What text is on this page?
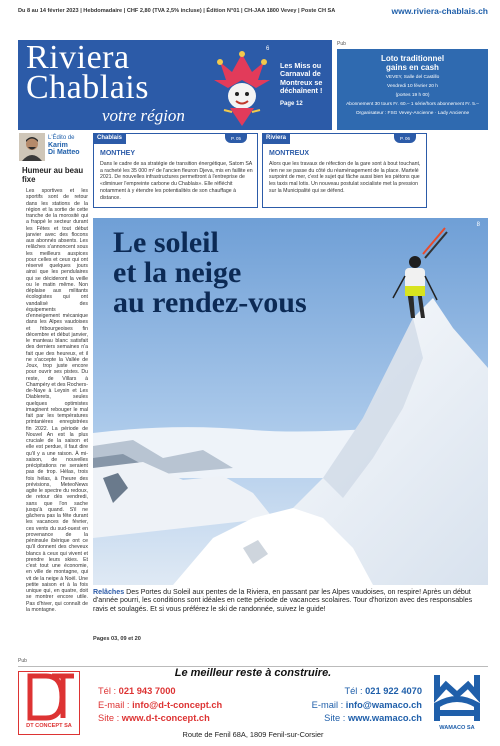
Du 8 au 14 février 2023 | Hebdomadaire | CHF 2,80 (TVA 2,5% incluse) | Édition N°01 | CH-JAA 1800 Vevey | Poste CH SA	www.riviera-chablais.ch
Riviera
Chablais
votre région
6
Les Miss ou Carnaval de Montreux se déchaînent !
Page 12
Pub
Loto traditionnel
gains en cash
VEVEY, Salle del Castillo
Vendredi 10 février 20 h
(portes 19 h 00)
Abonnement 30 tours Fr. 60.– 1 série/hors abonnement Fr. 5.–
Organisateur : FSG Vevey-Ancienne · Lady Ancienne
L'Édito de
Karim
Di Matteo
Humeur au beau fixe
Les sportives et les sportifs sont de retour dans les stations de la région et la sortie de cette tranche de la morosité qui a frappé le secteur durant les Fêtes et tout début janvier avec des flocons aux abonnés absents. Les relâches s'annoncent sous les meilleurs auspices pour celles et ceux qui ont réservé quelques jours ainsi que les pendulaires qui se décideront la veille ou le matin même. Non déplaise aux militants écologistes qui ont vandalisé des équipements d'enneigement mécanique dans les Alpes vaudoises et fribourgeoises fin décembre et début janvier, le manteau blanc satisfait des derniers semaines n'a fait que des heureux, et il ne s'accepte la Vallée de Joux, trop juste encore pour ouvrir ses pistes. Du reste, de Villars à Champéry et des Rochers-de-Naye à Leysin et Les Diablerets, seules quelques optimistes imaginent rebouger le mal fait par les températures printanières enregistrées fin 2022. La période de Nouvel An est la plus cruciale de la saison et elle est perdue, il faut dire qu'il y a une raison. À mi-saison, de nouvelles précipitations ne seraient pas de trop. Hélas, trois fois hélas, à l'heure des prévisions, MeteoNews agite le spectre du redoux, de retour dès vendredi, sans que l'on sache jusqu'à quand. S'il ne gâchera pas la fête durant les vacances de février, ces vents du sud-ouest en provenance de la péninsule ibérique ont ce qu'il donnent des cheveux blancs à ceux qui vivent et prendre leurs skies. Et c'est tout une économie, en ville de montagne, qui vit de la neige à Noël. Une petite saison et à la fois unique qui, en quatre, doit se montrer encore utile. Pas d'hiver, qui connaît de la montagne.
Chablais	P. 05
MONTHEY
Dans le cadre de sa stratégie de transition énergétique, Satom SA a racheté les 35 000 m² de l'ancien fleuron Djeva, mis en faillite en 2021. De nouvelles infrastructures permettront à l'entreprise de «diminuer l'empreinte carbone du Chablais». Elle réfléchit notamment à y étendre les potentialités de son chauffage à distance.
Riviera	P. 06
MONTREUX
Alors que les travaux de réfection de la gare sont à bout touchant, rien ne se passe du côté du réaménagement de la place. Martelé surpoint de mer, c'est le sujet qui fâche aussi bien les piétons que les taxis mal lotis. Un nouveau postulat socialiste met la pression sur la Municipalité qui se défend.
Le soleil
et la neige
au rendez-vous
8
Relâches Des Portes du Soleil aux pentes de la Riviera, en passant par les Alpes vaudoises, on respire! Après un début d'année pourri, les conditions sont idéales en cette période de vacances scolaires. Tour d'horizon avec des responsables ravis et soulagés. Et si vous préférez le ski de randonnée, suivez le guide!
Pages 03, 09 et 20
Pub
DT CONCEPT SA
Le meilleur reste à construire.
Tél : 021 943 7000
E-mail : info@d-t-concept.ch
Site : www.d-t-concept.ch
Tél : 021 922 4070
E-mail : info@wamaco.ch
Site : www.wamaco.ch
WAMACO SA
Route de Fenil 68A, 1809 Fenil-sur-Corsier
